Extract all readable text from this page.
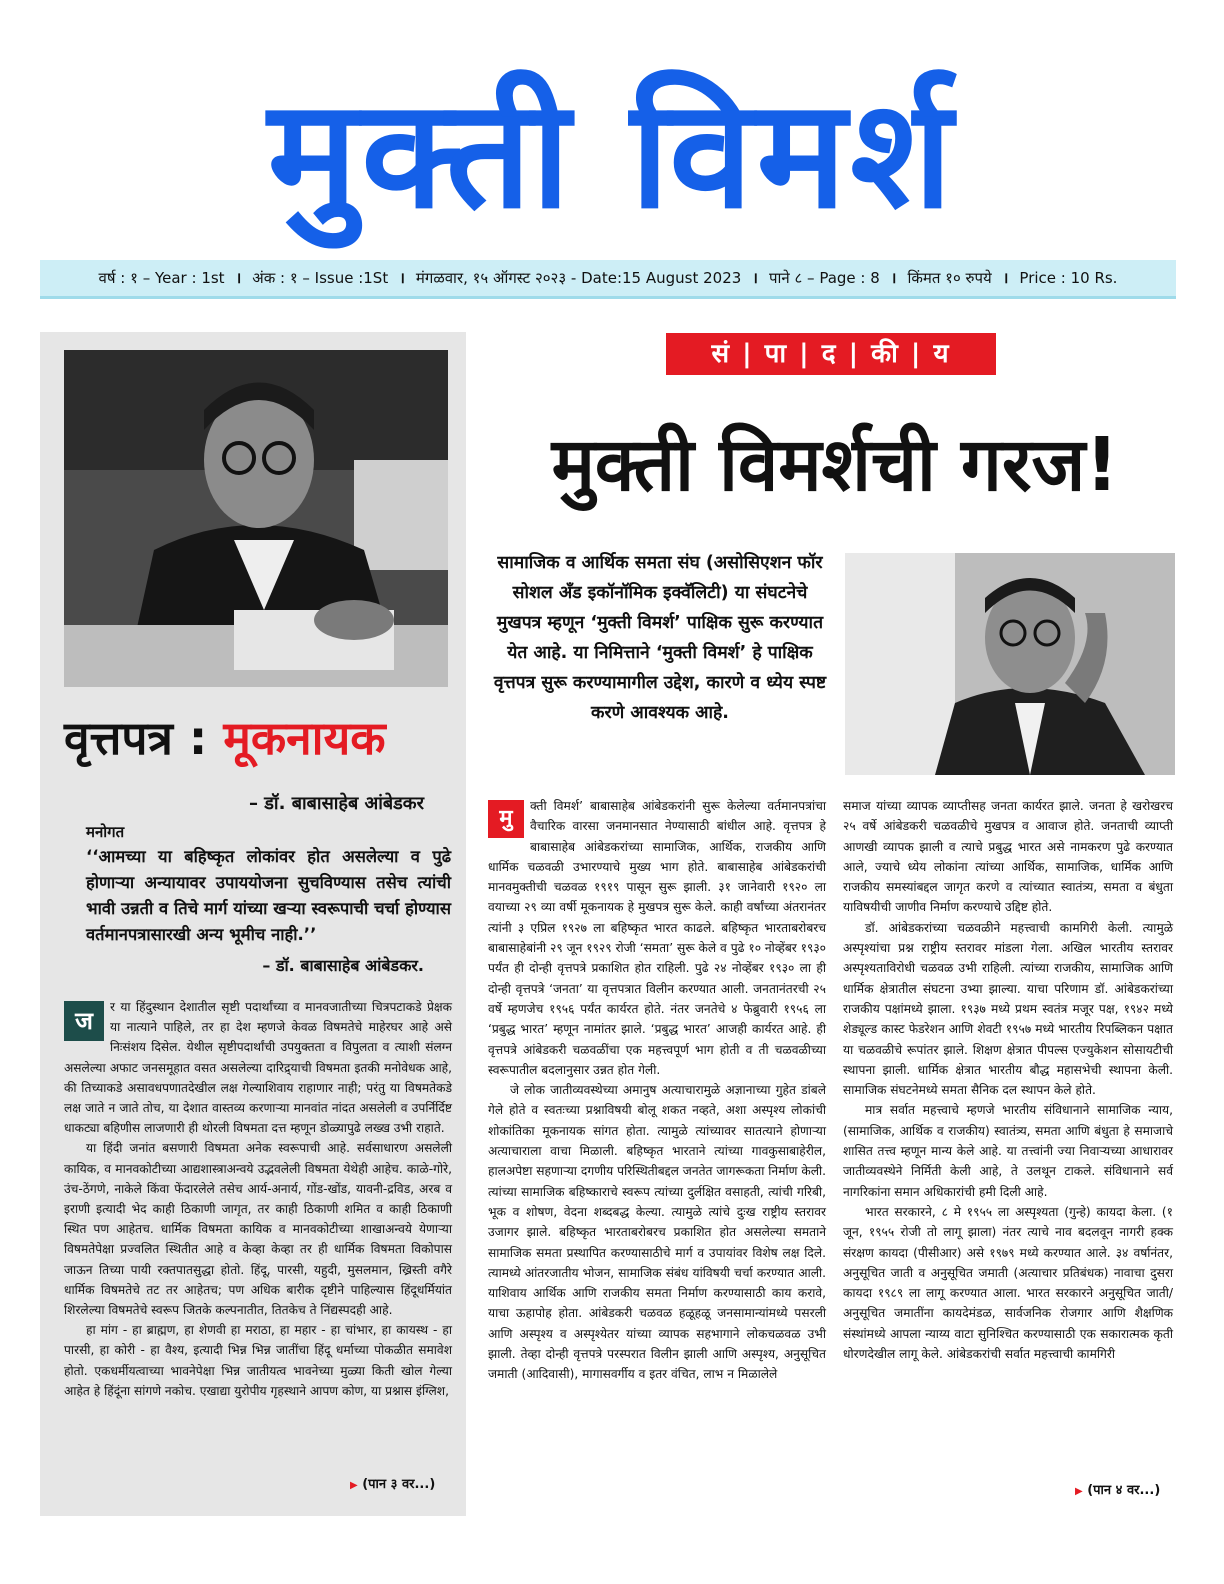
मुक्ती विमर्श
वर्ष : १ – Year : 1st । अंक : १ – Issue :1St । मंगळवार, १५ ऑगस्ट २०२३ - Date:15 August 2023 । पाने ८ – Page : 8 । किंमत १० रुपये । Price : 10 Rs.
वृत्तपत्र : मूकनायक
– डॉ. बाबासाहेब आंबेडकर
मनोगत
‘‘आमच्या या बहिष्कृत लोकांवर होत असलेल्या व पुढे होणाऱ्या अन्यायावर उपाययोजना सुचविण्यास तसेच त्यांची भावी उन्नती व तिचे मार्ग यांच्या खऱ्या स्वरूपाची चर्चा होण्यास वर्तमानपत्रासारखी अन्य भूमीच नाही.’’
– डॉ. बाबासाहेब आंबेडकर.

ज	र या हिंदुस्थान देशातील सृष्टी पदार्थांच्या व मानवजातीच्या चित्रपटाकडे प्रेक्षक या नात्याने पाहिले, तर हा देश म्हणजे केवळ विषमतेचे माहेरघर आहे असे निःसंशय दिसेल. येथील सृष्टीपदार्थांची उपयुक्तता व विपुलता व त्याशी संलग्न असलेल्या अफाट जनसमूहात वसत असलेल्या दारिद्र्याची विषमता इतकी मनोवेधक आहे, की तिच्याकडे असावधपणातदेखील लक्ष गेल्याशिवाय राहाणार नाही; परंतु या विषमतेकडे लक्ष जाते न जाते तोच, या देशात वास्तव्य करणाऱ्या मानवांत नांदत असलेली व उपर्निर्दिष्ट धाकट्या बहिणीस लाजणारी ही थोरली विषमता दत्त म्हणून डोळ्यापुढे लख्ख उभी राहाते.

या हिंदी जनांत बसणारी विषमता अनेक स्वरूपाची आहे. सर्वसाधारण असलेली कायिक, व मानवकोटीच्या आद्यशास्त्राअन्वये उद्भवलेली विषमता येथेही आहेच. काळे-गोरे, उंच-ठेंगणे, नाकेले किंवा फेंदारलेले तसेच आर्य-अनार्य, गोंड-खोंड, यावनी-द्रविड, अरब व इराणी इत्यादी भेद काही ठिकाणी जागृत, तर काही ठिकाणी शमित व काही ठिकाणी स्थित पण आहेतच. धार्मिक विषमता कायिक व मानवकोटीच्या शाखाअन्वये येणाऱ्या विषमतेपेक्षा प्रज्वलित स्थितीत आहे व केव्हा केव्हा तर ही धार्मिक विषमता विकोपास जाऊन तिच्या पायी रक्तपातसुद्धा होतो. हिंदू, पारसी, यहुदी, मुसलमान, ख्रिस्ती वगैरे धार्मिक विषमतेचे तट तर आहेतच; पण अधिक बारीक दृष्टीने पाहिल्यास हिंदूधर्मियांत शिरलेल्या विषमतेचे स्वरूप जितके कल्पनातीत, तितकेच ते निंद्यस्पदही आहे.

हा मांग - हा ब्राह्मण, हा शेणवी हा मराठा, हा महार - हा चांभार, हा कायस्थ - हा पारसी, हा कोरी - हा वैश्य, इत्यादी भिन्न भिन्न जातींचा हिंदू धर्माच्या पोकळीत समावेश होतो. एकधर्मीयत्वाच्या भावनेपेक्षा भिन्न जातीयत्व भावनेच्या मुळ्या किती खोल गेल्या आहेत हे हिंदूंना सांगणे नकोच. एखाद्या युरोपीय गृहस्थाने आपण कोण, या प्रश्नास इंग्लिश,

▶ (पान ३ वर...)
सं | पा | द | की | य
मुक्ती विमर्शची गरज!
सामाजिक व आर्थिक समता संघ (असोसिएशन फॉर सोशल अँड इकॉनॉमिक इक्वॅलिटी) या संघटनेचे मुखपत्र म्हणून ‘मुक्ती विमर्श’ पाक्षिक सुरू करण्यात येत आहे. या निमित्ताने ‘मुक्ती विमर्श’ हे पाक्षिक वृत्तपत्र सुरू करण्यामागील उद्देश, कारणे व ध्येय स्पष्ट करणे आवश्यक आहे.

मु	क्ती विमर्श’ बाबासाहेब आंबेडकरांनी सुरू केलेल्या वर्तमानपत्रांचा वैचारिक वारसा जनमानसात नेण्यासाठी बांधील आहे. वृत्तपत्र हे बाबासाहेब आंबेडकरांच्या सामाजिक, आर्थिक, राजकीय आणि धार्मिक चळवळी उभारण्याचे मुख्य भाग होते. बाबासाहेब आंबेडकरांची मानवमुक्तीची चळवळ १९१९ पासून सुरू झाली. ३१ जानेवारी १९२० ला वयाच्या २९ व्या वर्षी मूकनायक हे मुखपत्र सुरू केले. काही वर्षांच्या अंतरानंतर त्यांनी ३ एप्रिल १९२७ ला बहिष्कृत भारत काढले. बहिष्कृत भारताबरोबरच बाबासाहेबांनी २९ जून १९२९ रोजी ‘समता’ सुरू केले व पुढे १० नोव्हेंबर १९३० पर्यंत ही दोन्ही वृत्तपत्रे प्रकाशित होत राहिली. पुढे २४ नोव्हेंबर १९३० ला ही दोन्ही वृत्तपत्रे ‘जनता’ या वृत्तपत्रात विलीन करण्यात आली. जनतानंतरची २५ वर्षे म्हणजेच १९५६ पर्यंत कार्यरत होते. नंतर जनतेचे ४ फेब्रुवारी १९५६ ला ‘प्रबुद्ध भारत’ म्हणून नामांतर झाले. ‘प्रबुद्ध भारत’ आजही कार्यरत आहे. ही वृत्तपत्रे आंबेडकरी चळवळींचा एक महत्त्वपूर्ण भाग होती व ती चळवळीच्या स्वरूपातील बदलानुसार उन्नत होत गेली.

जे लोक जातीव्यवस्थेच्या अमानुष अत्याचारामुळे अज्ञानाच्या गुहेत डांबले गेले होते व स्वतःच्या प्रश्नाविषयी बोलू शकत नव्हते, अशा अस्पृश्य लोकांची शोकांतिका मूकनायक सांगत होता. त्यामुळे त्यांच्यावर सातत्याने होणाऱ्या अत्याचाराला वाचा मिळाली. बहिष्कृत भारताने त्यांच्या गावकुसाबाहेरील, हालअपेष्टा सहणाऱ्या दगणीय परिस्थितीबद्दल जनतेत जागरूकता निर्माण केली. त्यांच्या सामाजिक बहिष्काराचे स्वरूप त्यांच्या दुर्लक्षित वसाहती, त्यांची गरिबी, भूक व शोषण, वेदना शब्दबद्ध केल्या. त्यामुळे त्यांचे दुःख राष्ट्रीय स्तरावर उजागर झाले. बहिष्कृत भारताबरोबरच प्रकाशित होत असलेल्या समताने सामाजिक समता प्रस्थापित करण्यासाठीचे मार्ग व उपायांवर विशेष लक्ष दिले. त्यामध्ये आंतरजातीय भोजन, सामाजिक संबंध यांविषयी चर्चा करण्यात आली. याशिवाय आर्थिक आणि राजकीय समता निर्माण करण्यासाठी काय करावे, याचा ऊहापोह होता. आंबेडकरी चळवळ हळूहळू जनसामान्यांमध्ये पसरली आणि अस्पृश्य व अस्पृश्येतर यांच्या व्यापक सहभागाने लोकचळवळ उभी झाली. तेव्हा दोन्ही वृत्तपत्रे परस्परात विलीन झाली आणि अस्पृश्य, अनुसूचित जमाती (आदिवासी), मागासवर्गीय व इतर वंचित, लाभ न मिळालेले

समाज यांच्या व्यापक व्याप्तीसह जनता कार्यरत झाले. जनता हे खरोखरच २५ वर्षे आंबेडकरी चळवळीचे मुखपत्र व आवाज होते. जनताची व्याप्ती आणखी व्यापक झाली व त्याचे प्रबुद्ध भारत असे नामकरण पुढे करण्यात आले, ज्याचे ध्येय लोकांना त्यांच्या आर्थिक, सामाजिक, धार्मिक आणि राजकीय समस्यांबद्दल जागृत करणे व त्यांच्यात स्वातंत्र्य, समता व बंधुता याविषयीची जाणीव निर्माण करण्याचे उद्दिष्ट होते.

डॉ. आंबेडकरांच्या चळवळीने महत्त्वाची कामगिरी केली. त्यामुळे अस्पृश्यांचा प्रश्न राष्ट्रीय स्तरावर मांडला गेला. अखिल भारतीय स्तरावर अस्पृश्यताविरोधी चळवळ उभी राहिली. त्यांच्या राजकीय, सामाजिक आणि धार्मिक क्षेत्रातील संघटना उभ्या झाल्या. याचा परिणाम डॉ. आंबेडकरांच्या राजकीय पक्षांमध्ये झाला. १९३७ मध्ये प्रथम स्वतंत्र मजूर पक्ष, १९४२ मध्ये शेड्यूल्ड कास्ट फेडरेशन आणि शेवटी १९५७ मध्ये भारतीय रिपब्लिकन पक्षात या चळवळीचे रूपांतर झाले. शिक्षण क्षेत्रात पीपल्स एज्युकेशन सोसायटीची स्थापना झाली. धार्मिक क्षेत्रात भारतीय बौद्ध महासभेची स्थापना केली. सामाजिक संघटनेमध्ये समता सैनिक दल स्थापन केले होते.

मात्र सर्वात महत्त्वाचे म्हणजे भारतीय संविधानाने सामाजिक न्याय, (सामाजिक, आर्थिक व राजकीय) स्वातंत्र्य, समता आणि बंधुता हे समाजाचे शासित तत्त्व म्हणून मान्य केले आहे. या तत्त्वांनी ज्या निवाऱ्यच्या आधारावर जातीव्यवस्थेने निर्मिती केली आहे, ते उलथून टाकले. संविधानाने सर्व नागरिकांना समान अधिकारांची हमी दिली आहे.

भारत सरकारने, ८ मे १९५५ ला अस्पृश्यता (गुन्हे) कायदा केला. (१ जून, १९५५ रोजी तो लागू झाला) नंतर त्याचे नाव बदलवून नागरी हक्क संरक्षण कायदा (पीसीआर) असे १९७९ मध्ये करण्यात आले. ३४ वर्षानंतर, अनुसूचित जाती व अनुसूचित जमाती (अत्याचार प्रतिबंधक) नावाचा दुसरा कायदा १९८९ ला लागू करण्यात आला. भारत सरकारने अनुसूचित जाती/अनुसूचित जमातींना कायदेमंडळ, सार्वजनिक रोजगार आणि शैक्षणिक संस्थांमध्ये आपला न्याय्य वाटा सुनिश्चित करण्यासाठी एक सकारात्मक कृती धोरणदेखील लागू केले. आंबेडकरांची सर्वात महत्त्वाची कामगिरी

▶ (पान ४ वर...)
